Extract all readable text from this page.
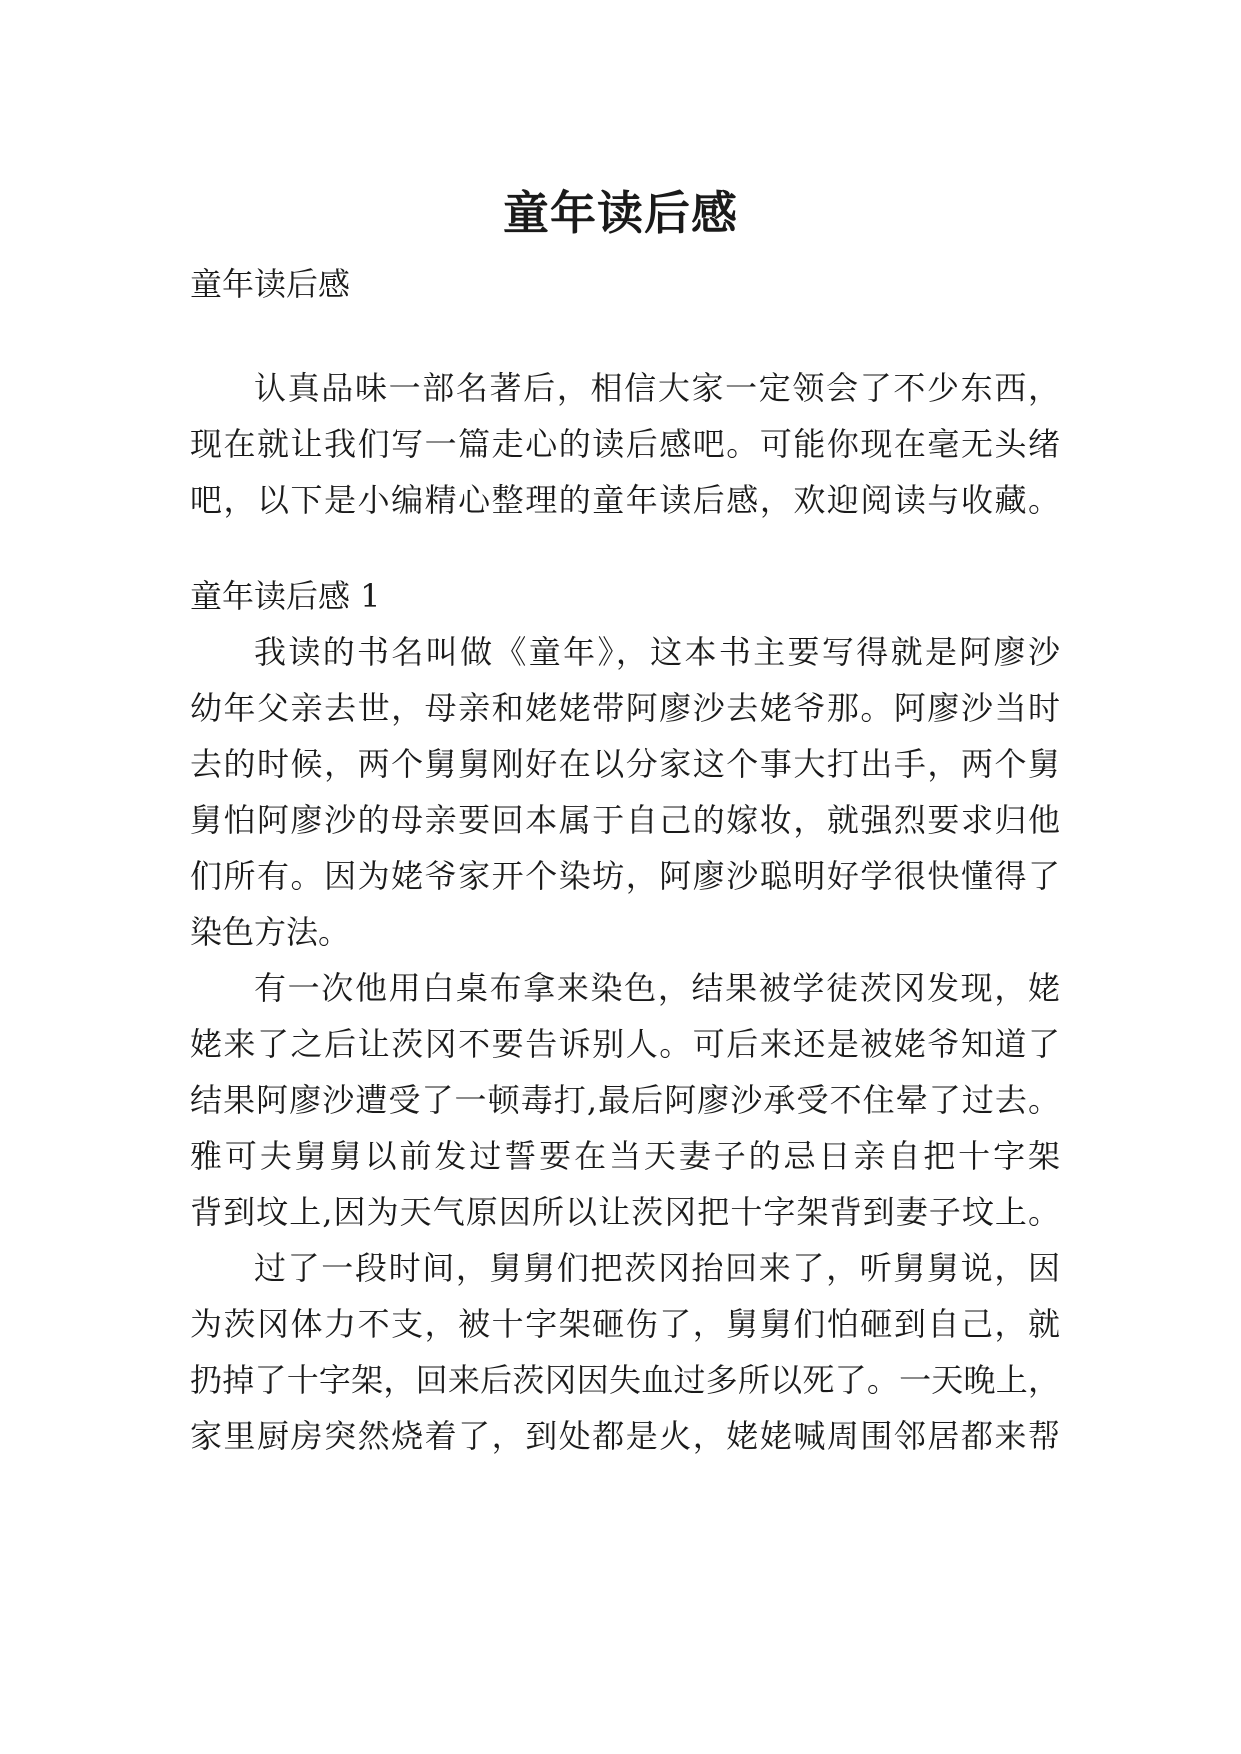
童年读后感

童年读后感

认真品味一部名著后，相信大家一定领会了不少东西，

现在就让我们写一篇走心的读后感吧。可能你现在毫无头绪

吧，以下是小编精心整理的童年读后感，欢迎阅读与收藏。

童年读后感 1

我读的书名叫做《童年》，这本书主要写得就是阿廖沙

幼年父亲去世，母亲和姥姥带阿廖沙去姥爷那。阿廖沙当时

去的时候，两个舅舅刚好在以分家这个事大打出手，两个舅

舅怕阿廖沙的母亲要回本属于自己的嫁妆，就强烈要求归他

们所有。因为姥爷家开个染坊，阿廖沙聪明好学很快懂得了

染色方法。

有一次他用白桌布拿来染色，结果被学徒茨冈发现，姥

姥来了之后让茨冈不要告诉别人。可后来还是被姥爷知道了

结果阿廖沙遭受了一顿毒打,最后阿廖沙承受不住晕了过去。

雅可夫舅舅以前发过誓要在当天妻子的忌日亲自把十字架

背到坟上,因为天气原因所以让茨冈把十字架背到妻子坟上。

过了一段时间，舅舅们把茨冈抬回来了，听舅舅说，因

为茨冈体力不支，被十字架砸伤了，舅舅们怕砸到自己，就

扔掉了十字架，回来后茨冈因失血过多所以死了。一天晚上，

家里厨房突然烧着了，到处都是火，姥姥喊周围邻居都来帮
